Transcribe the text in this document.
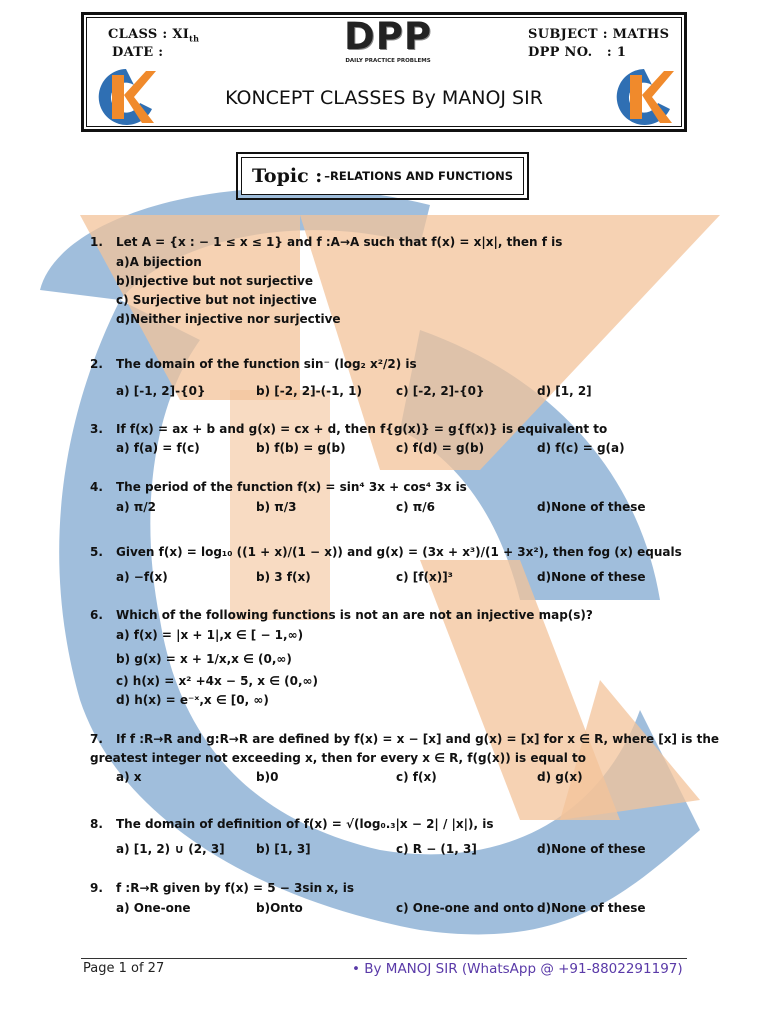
CLASS : $XI_{th}$
DATE :	DPP
DAILY PRACTICE PROBLEMS
SUBJECT : MATHS
DPP NO.   : 1
KONCEPT CLASSES By MANOJ SIR
Topic : –RELATIONS AND FUNCTIONS
1. Let A = {x : − 1 ≤ x ≤ 1} and f :A→A such that f(x) = x|x|, then f is
a)A bijection
b)Injective but not surjective
c) Surjective but not injective
d)Neither injective nor surjective
2. The domain of the function sin⁻ (log₂ x²/2) is
a) [-1, 2]-{0}	b) [-2, 2]-(-1, 1)	c) [-2, 2]-{0}	d) [1, 2]
3. If f(x) = ax + b and g(x) = cx + d, then f{g(x)} = g{f(x)} is equivalent to
a) f(a) = f(c)	b) f(b) = g(b)	c) f(d) = g(b)	d) f(c) = g(a)
4. The period of the function f(x) = sin⁴ 3x + cos⁴ 3x is
a) π/2	b) π/3	c) π/6	d)None of these
5. Given f(x) = log₁₀ ((1 + x)/(1 − x)) and g(x) = (3x + x³)/(1 + 3x²), then fog (x) equals
a) −f(x)	b) 3 f(x)	c) [f(x)]³	d)None of these
6. Which of the following functions is not an are not an injective map(s)?
a) f(x) = |x + 1|,x ∈ [ − 1,∞)
b) g(x) = x + 1/x,x ∈ (0,∞)
c) h(x) = x² +4x − 5, x ∈ (0,∞)
d) h(x) = e⁻ˣ,x ∈ [0, ∞)
7. If f :R→R and g:R→R are defined by f(x) = x − [x] and g(x) = [x] for x ∈ R, where [x] is the
greatest integer not exceeding x, then for every x ∈ R, f(g(x)) is equal to
a) x	b)0	c) f(x)	d) g(x)
8. The domain of definition of f(x) = √(log₀.₃|x − 2| / |x|), is
a) [1, 2) ∪ (2, 3]	b) [1, 3]	c) R − (1, 3]	d)None of these
9. f :R→R given by f(x) = 5 − 3sin x, is
a) One-one	b)Onto	c) One-one and onto d)None of these
Page 1 of 27	• By MANOJ SIR (WhatsApp @ +91-8802291197)
